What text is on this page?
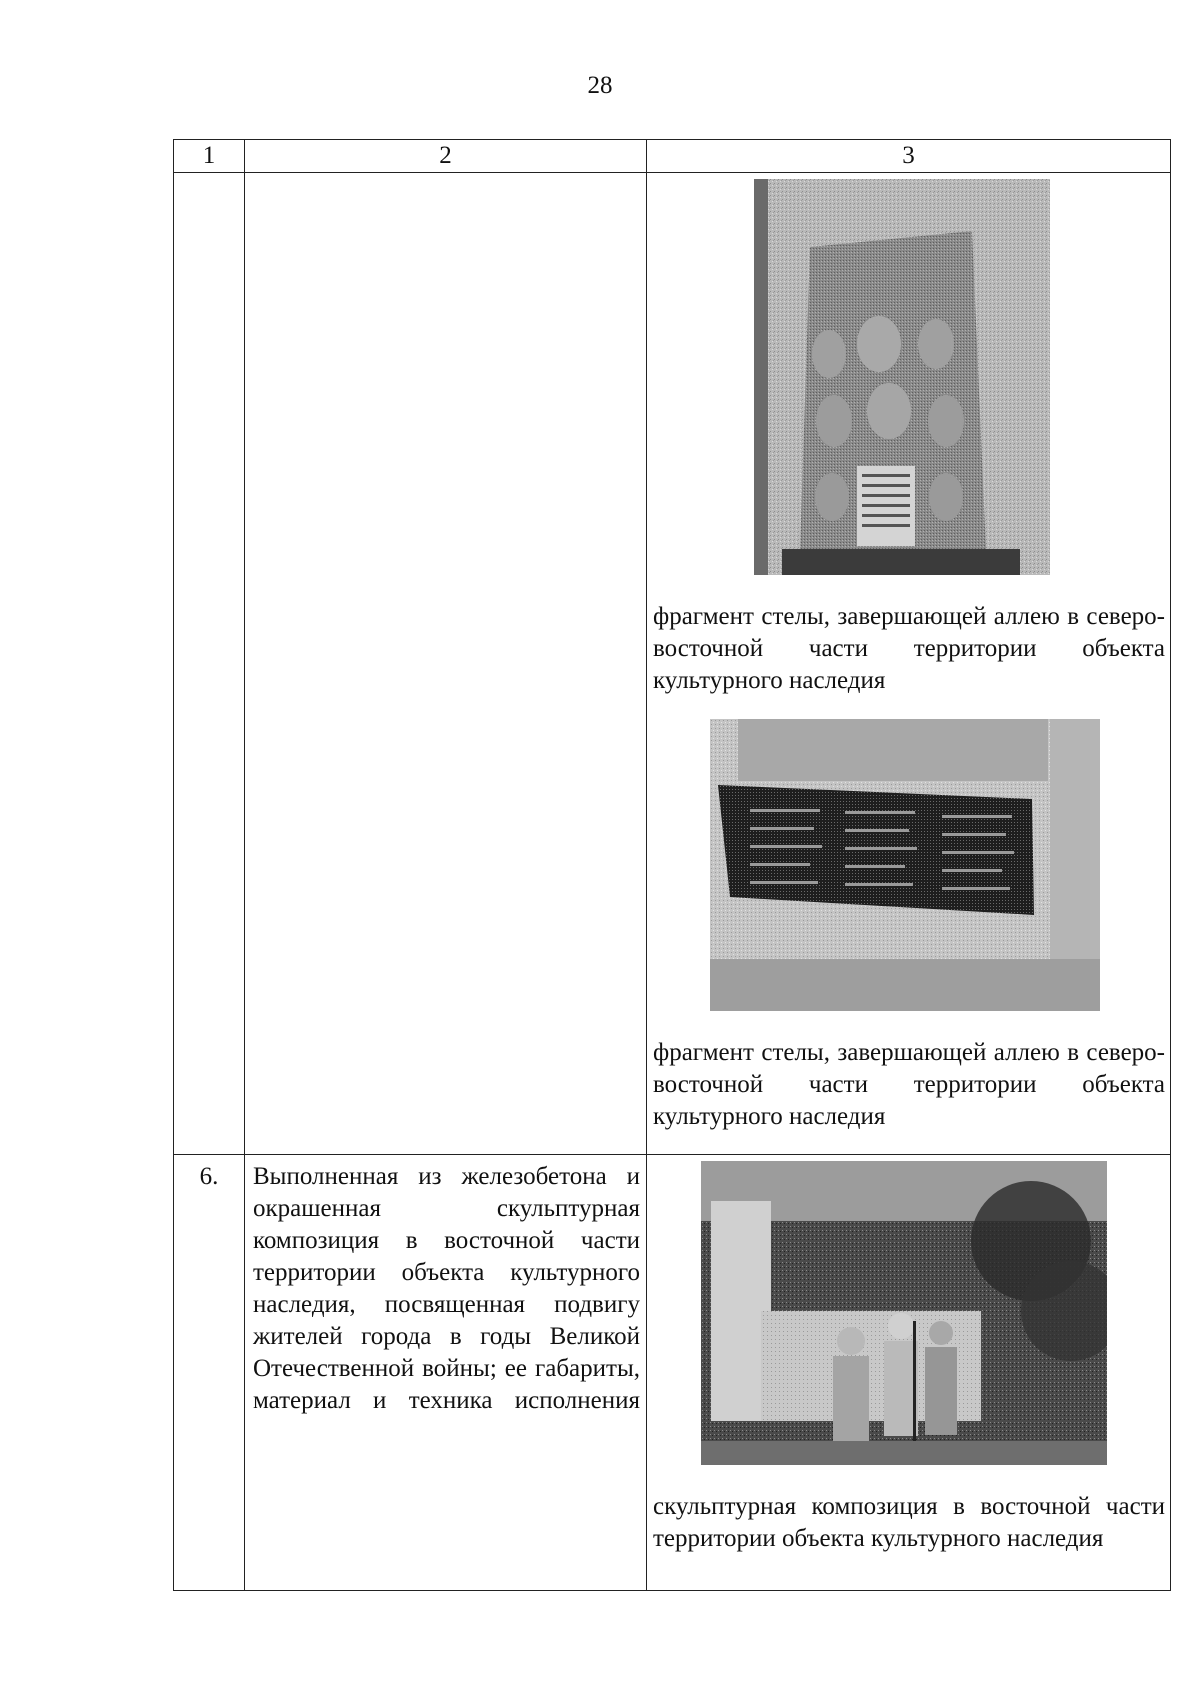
28
1	2	3

		фрагмент стелы, завершающей аллею в северо-восточной части территории объекта культурного наследия
фрагмент стелы, завершающей аллею в северо-восточной части территории объекта культурного наследия

6.	Выполненная из железобетона и окрашенная скульптурная композиция в восточной части территории объекта культурного наследия, посвященная подвигу жителей города в годы Великой Отечественной войны; ее габариты, материал и техника исполнения	скульптурная композиция в восточной части территории объекта культурного наследия
